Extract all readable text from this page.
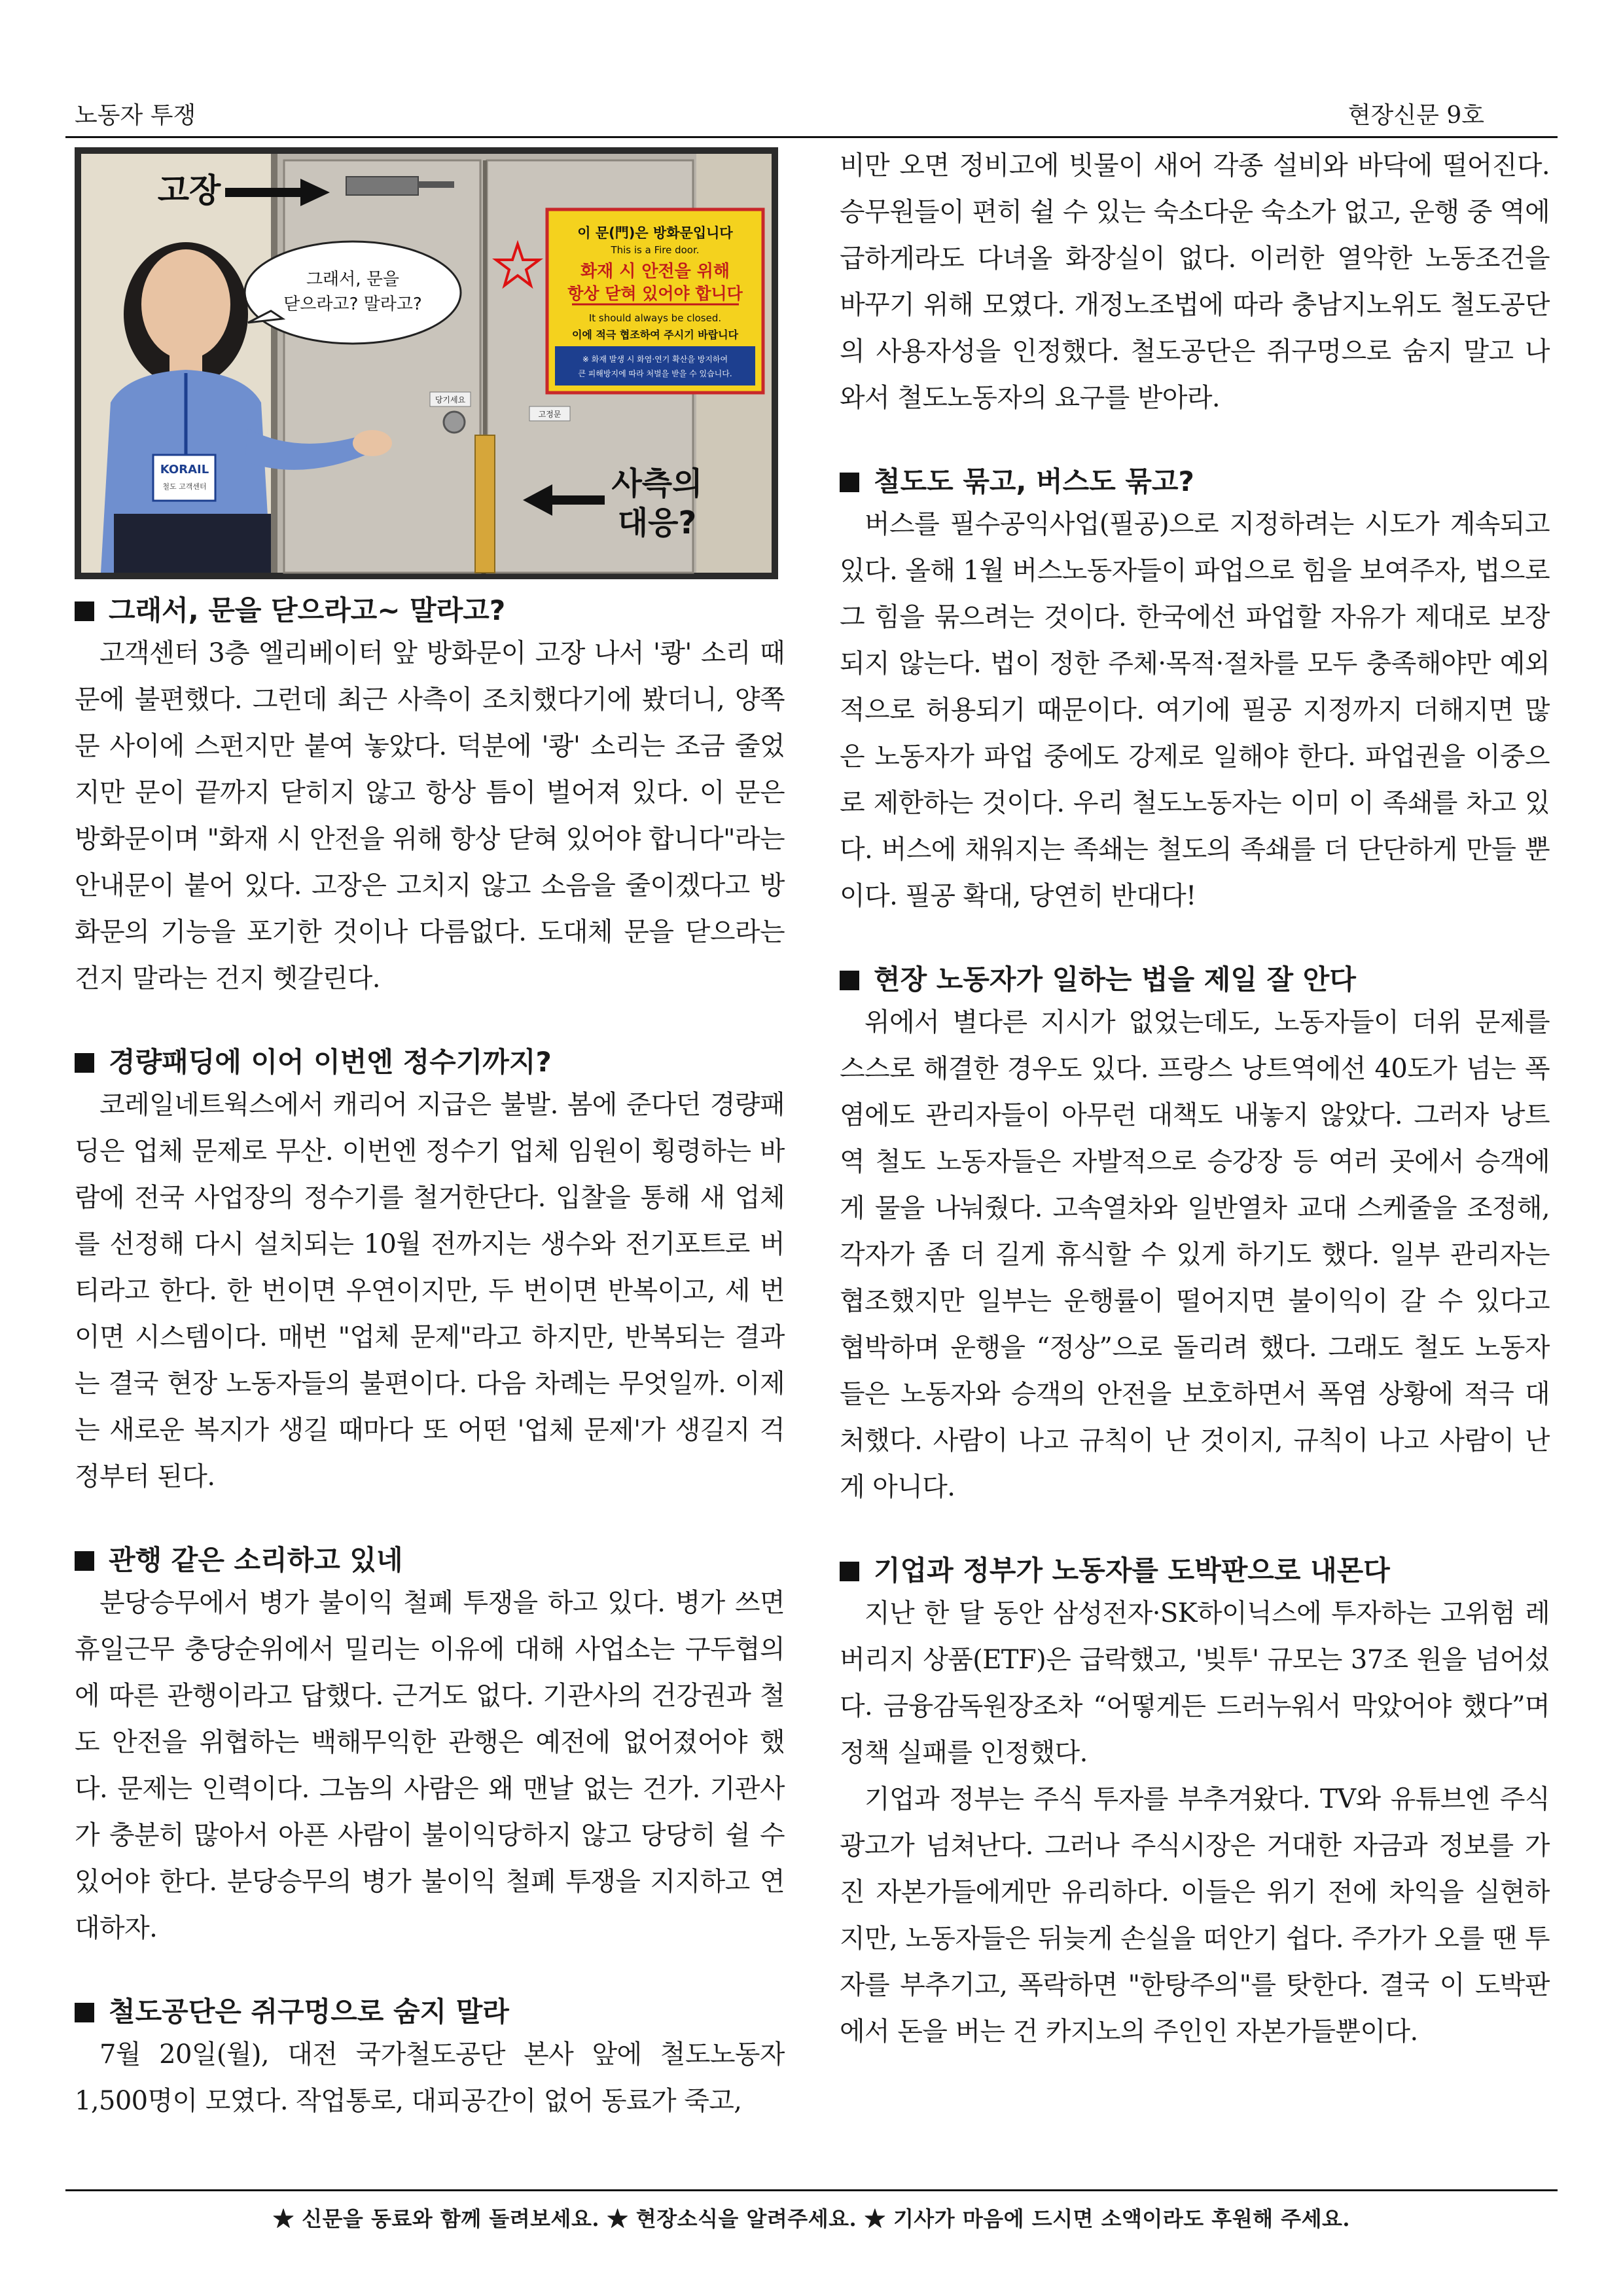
노동자 투쟁	현장신문 9호
당기세요
고정문
이 문(門)은 방화문입니다
This is a Fire door.
화재 시 안전을 위해
항상 닫혀 있어야 합니다
It should always be closed.
이에 적극 협조하여 주시기 바랍니다
※ 화재 발생 시 화염·연기 확산을 방지하여
큰 피해방지에 따라 처벌을 받을 수 있습니다.
고장
사측의
대응?
그래서, 문을
닫으라고? 말라고?
KORAIL
철도 고객센터
그래서, 문을 닫으라고~ 말라고?

고객센터 3층 엘리베이터 앞 방화문이 고장 나서 '쾅' 소리 때문에 불편했다. 그런데 최근 사측이 조치했다기에 봤더니, 양쪽 문 사이에 스펀지만 붙여 놓았다. 덕분에 '쾅' 소리는 조금 줄었지만 문이 끝까지 닫히지 않고 항상 틈이 벌어져 있다. 이 문은 방화문이며 "화재 시 안전을 위해 항상 닫혀 있어야 합니다"라는 안내문이 붙어 있다. 고장은 고치지 않고 소음을 줄이겠다고 방화문의 기능을 포기한 것이나 다름없다. 도대체 문을 닫으라는 건지 말라는 건지 헷갈린다.

경량패딩에 이어 이번엔 정수기까지?

코레일네트웍스에서 캐리어 지급은 불발. 봄에 준다던 경량패딩은 업체 문제로 무산. 이번엔 정수기 업체 임원이 횡령하는 바람에 전국 사업장의 정수기를 철거한단다. 입찰을 통해 새 업체를 선정해 다시 설치되는 10월 전까지는 생수와 전기포트로 버티라고 한다. 한 번이면 우연이지만, 두 번이면 반복이고, 세 번이면 시스템이다. 매번 "업체 문제"라고 하지만, 반복되는 결과는 결국 현장 노동자들의 불편이다. 다음 차례는 무엇일까. 이제는 새로운 복지가 생길 때마다 또 어떤 '업체 문제'가 생길지 걱정부터 된다.

관행 같은 소리하고 있네

분당승무에서 병가 불이익 철폐 투쟁을 하고 있다. 병가 쓰면 휴일근무 충당순위에서 밀리는 이유에 대해 사업소는 구두협의에 따른 관행이라고 답했다. 근거도 없다. 기관사의 건강권과 철도 안전을 위협하는 백해무익한 관행은 예전에 없어졌어야 했다. 문제는 인력이다. 그놈의 사람은 왜 맨날 없는 건가. 기관사가 충분히 많아서 아픈 사람이 불이익당하지 않고 당당히 쉴 수 있어야 한다. 분당승무의 병가 불이익 철폐 투쟁을 지지하고 연대하자.

철도공단은 쥐구멍으로 숨지 말라

7월 20일(월), 대전 국가철도공단 본사 앞에 철도노동자 1,500명이 모였다. 작업통로, 대피공간이 없어 동료가 죽고,

비만 오면 정비고에 빗물이 새어 각종 설비와 바닥에 떨어진다. 승무원들이 편히 쉴 수 있는 숙소다운 숙소가 없고, 운행 중 역에 급하게라도 다녀올 화장실이 없다. 이러한 열악한 노동조건을 바꾸기 위해 모였다. 개정노조법에 따라 충남지노위도 철도공단의 사용자성을 인정했다. 철도공단은 쥐구멍으로 숨지 말고 나와서 철도노동자의 요구를 받아라.

철도도 묶고, 버스도 묶고?

버스를 필수공익사업(필공)으로 지정하려는 시도가 계속되고 있다. 올해 1월 버스노동자들이 파업으로 힘을 보여주자, 법으로 그 힘을 묶으려는 것이다. 한국에선 파업할 자유가 제대로 보장되지 않는다. 법이 정한 주체·목적·절차를 모두 충족해야만 예외적으로 허용되기 때문이다. 여기에 필공 지정까지 더해지면 많은 노동자가 파업 중에도 강제로 일해야 한다. 파업권을 이중으로 제한하는 것이다. 우리 철도노동자는 이미 이 족쇄를 차고 있다. 버스에 채워지는 족쇄는 철도의 족쇄를 더 단단하게 만들 뿐이다. 필공 확대, 당연히 반대다!

현장 노동자가 일하는 법을 제일 잘 안다

위에서 별다른 지시가 없었는데도, 노동자들이 더위 문제를 스스로 해결한 경우도 있다. 프랑스 낭트역에선 40도가 넘는 폭염에도 관리자들이 아무런 대책도 내놓지 않았다. 그러자 낭트역 철도 노동자들은 자발적으로 승강장 등 여러 곳에서 승객에게 물을 나눠줬다. 고속열차와 일반열차 교대 스케줄을 조정해, 각자가 좀 더 길게 휴식할 수 있게 하기도 했다. 일부 관리자는 협조했지만 일부는 운행률이 떨어지면 불이익이 갈 수 있다고 협박하며 운행을 “정상”으로 돌리려 했다. 그래도 철도 노동자들은 노동자와 승객의 안전을 보호하면서 폭염 상황에 적극 대처했다. 사람이 나고 규칙이 난 것이지, 규칙이 나고 사람이 난 게 아니다.

기업과 정부가 노동자를 도박판으로 내몬다

지난 한 달 동안 삼성전자·SK하이닉스에 투자하는 고위험 레버리지 상품(ETF)은 급락했고, '빚투' 규모는 37조 원을 넘어섰다. 금융감독원장조차 “어떻게든 드러누워서 막았어야 했다”며 정책 실패를 인정했다.

기업과 정부는 주식 투자를 부추겨왔다. TV와 유튜브엔 주식 광고가 넘쳐난다. 그러나 주식시장은 거대한 자금과 정보를 가진 자본가들에게만 유리하다. 이들은 위기 전에 차익을 실현하지만, 노동자들은 뒤늦게 손실을 떠안기 쉽다. 주가가 오를 땐 투자를 부추기고, 폭락하면 "한탕주의"를 탓한다. 결국 이 도박판에서 돈을 버는 건 카지노의 주인인 자본가들뿐이다.

★ 신문을 동료와 함께 돌려보세요. ★ 현장소식을 알려주세요. ★ 기사가 마음에 드시면 소액이라도 후원해 주세요.
